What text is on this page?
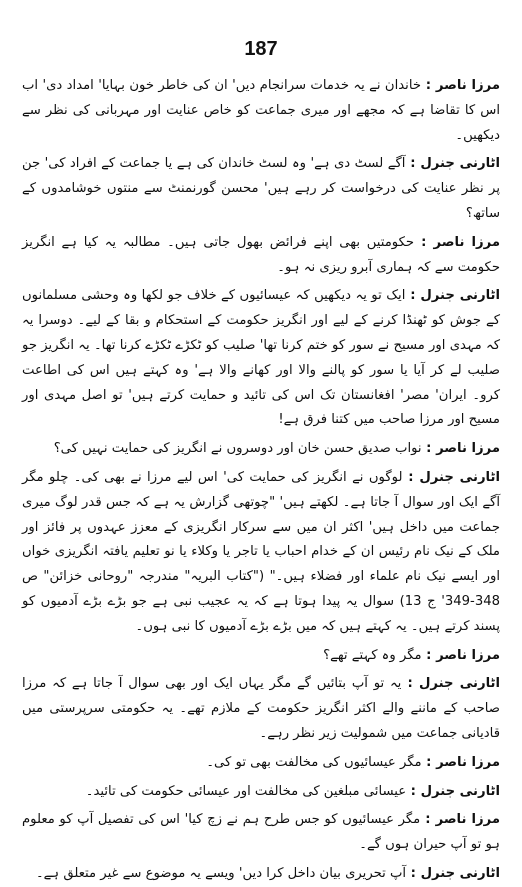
187

مرزا ناصر : خاندان نے یہ خدمات سرانجام دیں' ان کی خاطر خون بہایا' امداد دی' اب اس کا تقاضا ہے کہ مجھے اور میری جماعت کو خاص عنایت اور مہربانی کی نظر سے دیکھیں۔

اٹارنی جنرل : آگے لسٹ دی ہے' وہ لسٹ خاندان کی ہے یا جماعت کے افراد کی' جن پر نظر عنایت کی درخواست کر رہے ہیں' محسن گورنمنٹ سے منتوں خوشامدوں کے ساتھ؟

مرزا ناصر : حکومتیں بھی اپنے فرائض بھول جاتی ہیں۔ مطالبہ یہ کیا ہے انگریز حکومت سے کہ ہماری آبرو ریزی نہ ہو۔

اٹارنی جنرل : ایک تو یہ دیکھیں کہ عیسائیوں کے خلاف جو لکھا وہ وحشی مسلمانوں کے جوش کو ٹھنڈا کرنے کے لیے اور انگریز حکومت کے استحکام و بقا کے لیے۔ دوسرا یہ کہ مہدی اور مسیح نے سور کو ختم کرنا تھا' صلیب کو ٹکڑے ٹکڑے کرنا تھا۔ یہ انگریز جو صلیب لے کر آیا یا سور کو پالنے والا اور کھانے والا ہے' وہ کہتے ہیں اس کی اطاعت کرو۔ ایران' مصر' افغانستان تک اس کی تائید و حمایت کرتے ہیں' تو اصل مہدی اور مسیح اور مرزا صاحب میں کتنا فرق ہے!

مرزا ناصر : نواب صدیق حسن خان اور دوسروں نے انگریز کی حمایت نہیں کی؟

اٹارنی جنرل : لوگوں نے انگریز کی حمایت کی' اس لیے مرزا نے بھی کی۔ چلو مگر آگے ایک اور سوال آ جاتا ہے۔ لکھتے ہیں' "چوتھی گزارش یہ ہے کہ جس قدر لوگ میری جماعت میں داخل ہیں' اکثر ان میں سے سرکار انگریزی کے معزز عہدوں پر فائز اور ملک کے نیک نام رئیس ان کے خدام احباب یا تاجر یا وکلاء یا نو تعلیم یافتہ انگریزی خواں اور ایسے نیک نام علماء اور فضلاء ہیں۔" ("کتاب البریہ" مندرجہ "روحانی خزائن" ص 348-349' ج 13) سوال یہ پیدا ہوتا ہے کہ یہ عجیب نبی ہے جو بڑے بڑے آدمیوں کو پسند کرتے ہیں۔ یہ کہتے ہیں کہ میں بڑے بڑے آدمیوں کا نبی ہوں۔

مرزا ناصر : مگر وہ کہتے تھے؟

اٹارنی جنرل : یہ تو آپ بتائیں گے مگر یہاں ایک اور بھی سوال آ جاتا ہے کہ مرزا صاحب کے ماننے والے اکثر انگریز حکومت کے ملازم تھے۔ یہ حکومتی سرپرستی میں قادیانی جماعت میں شمولیت زیر نظر رہے۔

مرزا ناصر : مگر عیسائیوں کی مخالفت بھی تو کی۔

اٹارنی جنرل : عیسائی مبلغین کی مخالفت اور عیسائی حکومت کی تائید۔

مرزا ناصر : مگر عیسائیوں کو جس طرح ہم نے زچ کیا' اس کی تفصیل آپ کو معلوم ہو تو آپ حیران ہوں گے۔

اٹارنی جنرل : آپ تحریری بیان داخل کرا دیں' ویسے یہ موضوع سے غیر متعلق ہے۔
